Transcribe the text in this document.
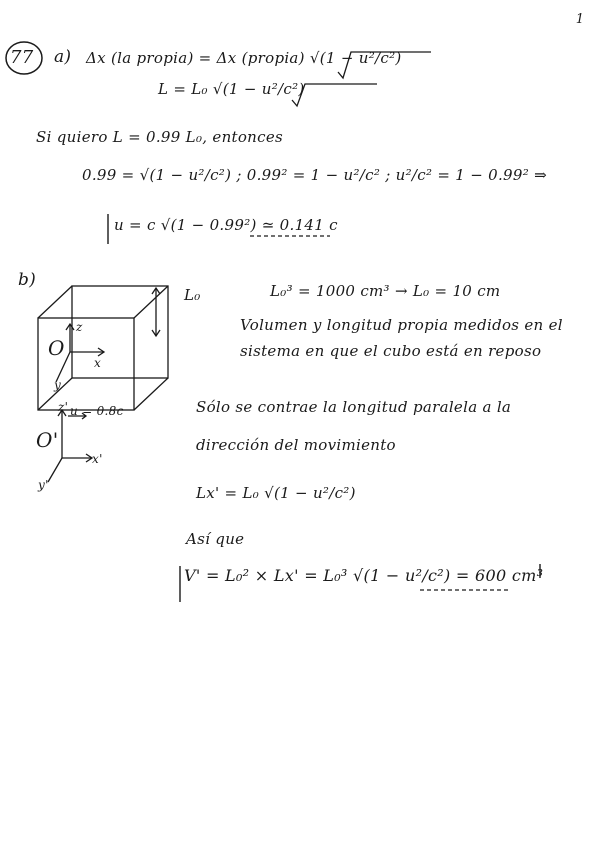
1
77 a) Δx (la propia) = Δx (propia) √(1 − u²/c²)
L = L₀ √(1 − u²/c²)
Si quiero L = 0.99 L₀, entonces
0.99 = √(1 − u²/c²) ; 0.99² = 1 − u²/c² ; u²/c² = 1 − 0.99² ⇒
u = c √(1 − 0.99²) ≃ 0.141 c
b)
L₀	L₀³ = 1000 cm³ → L₀ = 10 cm
Volumen y longitud propia medidos en el
sistema en que el cubo está en reposo
O
z
x
y
O'
u = 0.8c
z'
x'
y'
Sólo se contrae la longitud paralela a la
dirección del movimiento
Lx' = L₀ √(1 − u²/c²)
Así que
V' = L₀² × Lx' = L₀³ √(1 − u²/c²) = 600 cm³
